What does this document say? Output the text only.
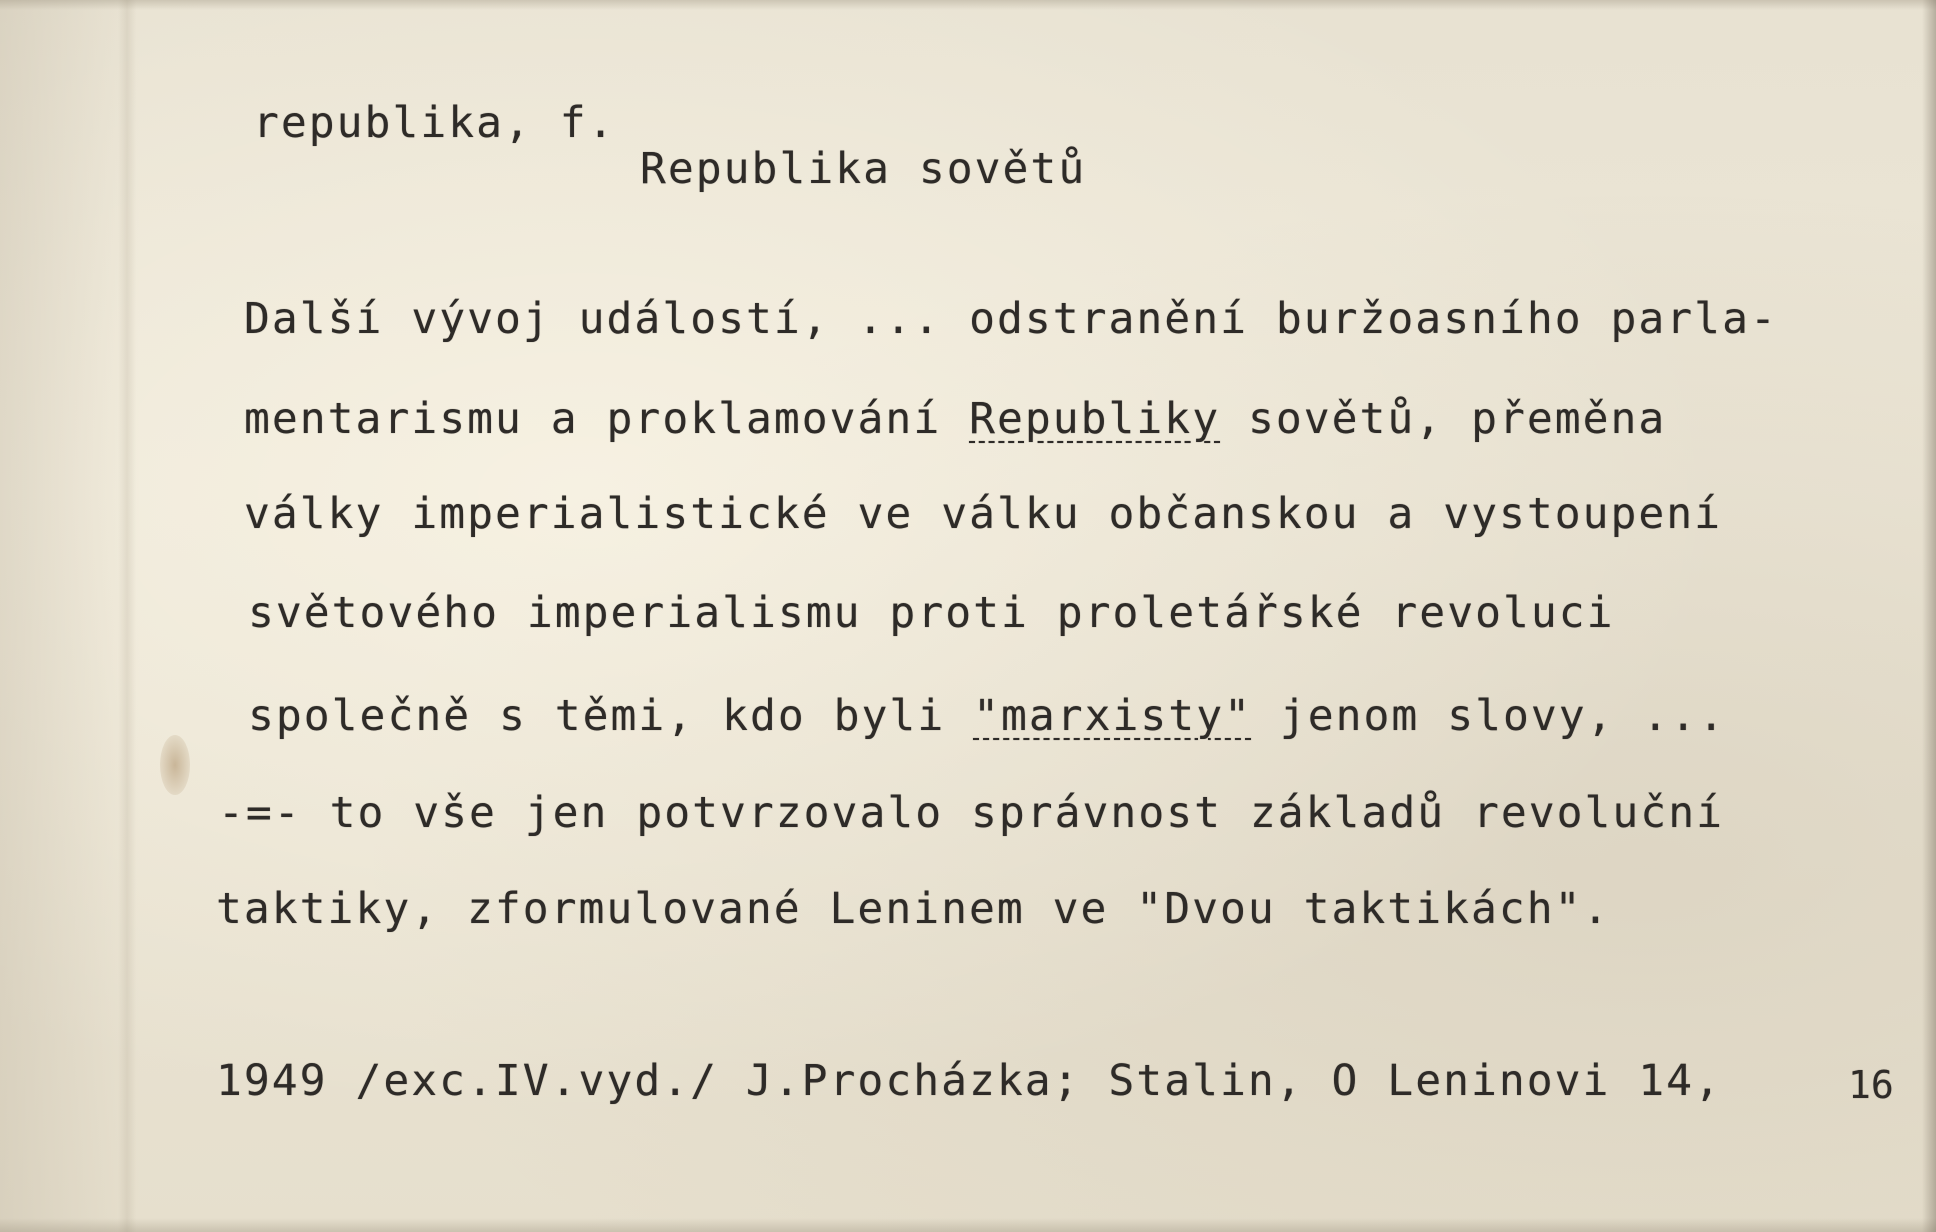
republika, f.
Republika sovětů
Další vývoj událostí, ... odstranění buržoasního parla-
mentarismu a proklamování Republiky sovětů, přeměna
války imperialistické ve válku občanskou a vystoupení
světového imperialismu proti proletářské revoluci
společně s těmi, kdo byli "marxisty" jenom slovy, ...
-=- to vše jen potvrzovalo správnost základů revoluční
taktiky, zformulované Leninem ve "Dvou taktikách".
1949 /exc.IV.vyd./ J.Procházka; Stalin, O Leninovi 14,	16
